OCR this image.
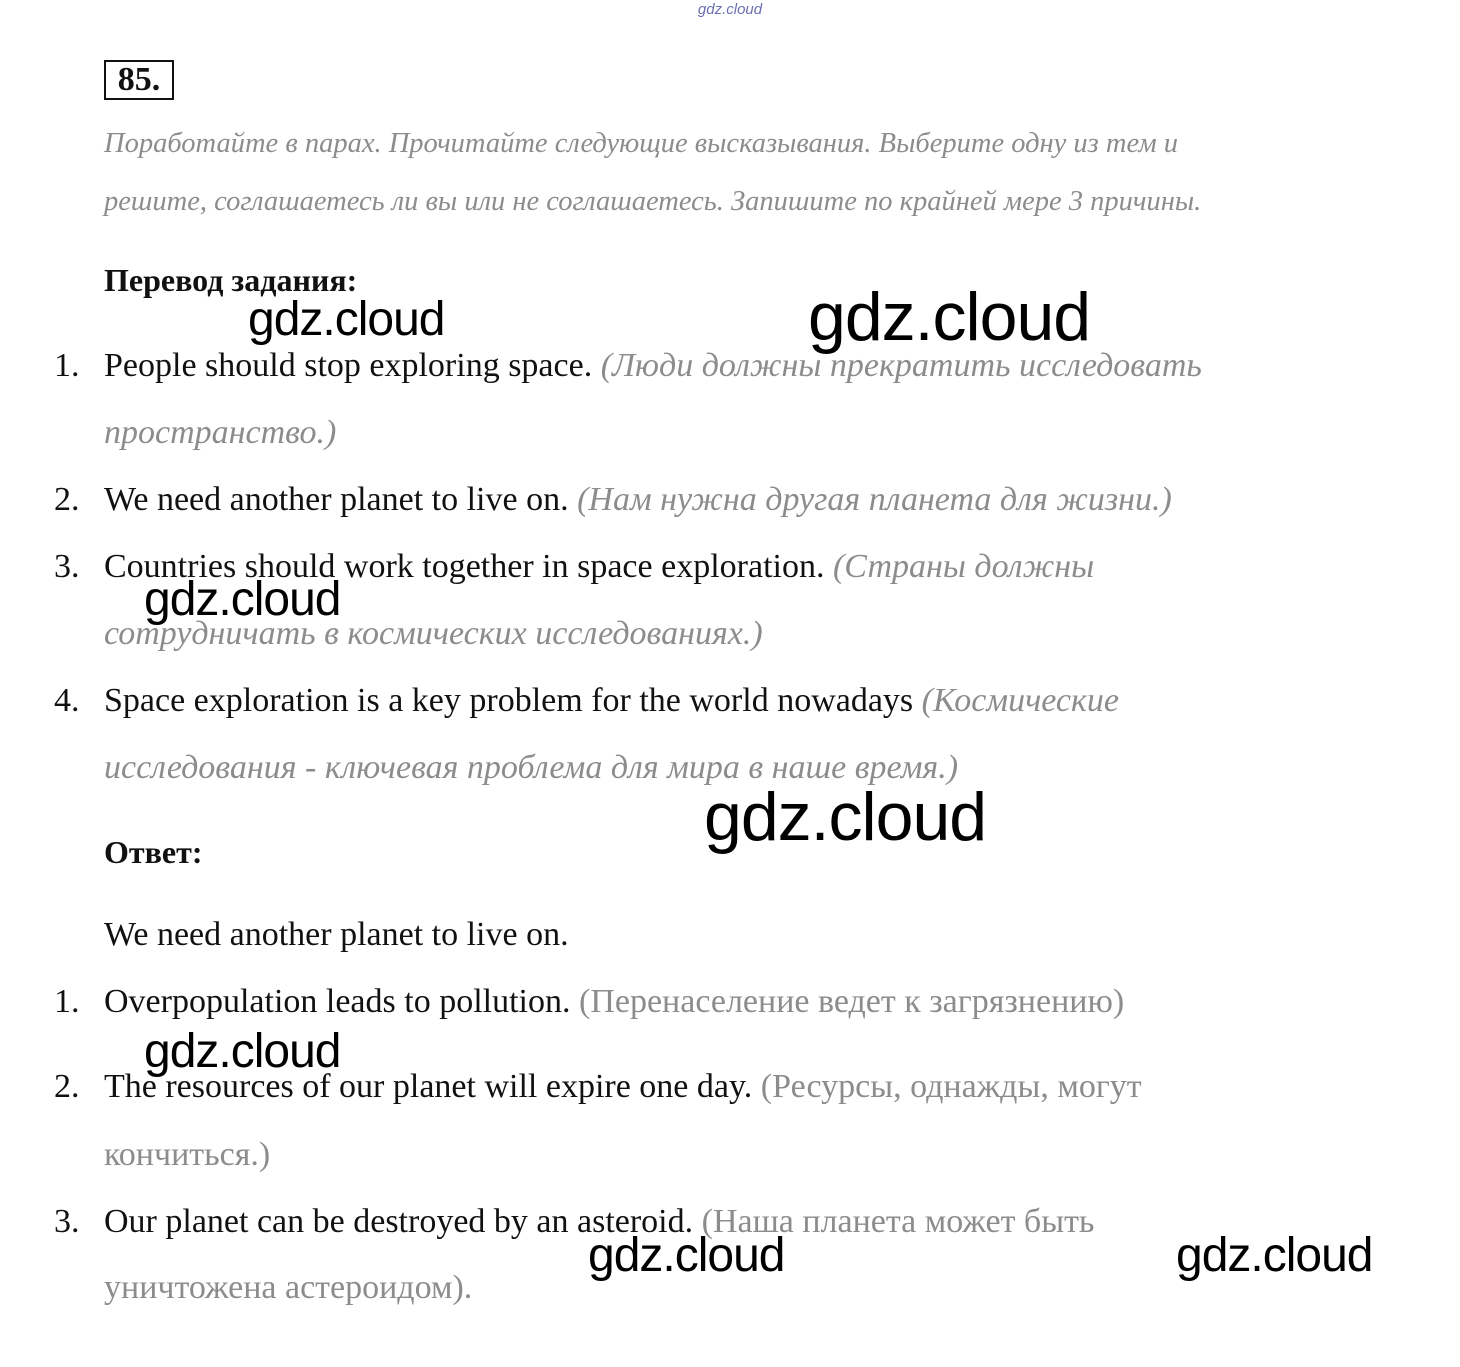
gdz.cloud
85.
Поработайте в парах. Прочитайте следующие высказывания. Выберите одну из тем и
решите, соглашаетесь ли вы или не соглашаетесь. Запишите по крайней мере 3 причины.
Перевод задания:
1. People should stop exploring space. (Люди должны прекратить исследовать
пространство.)
2. We need another planet to live on. (Нам нужна другая планета для жизни.)
3. Countries should work together in space exploration. (Страны должны
сотрудничать в космических исследованиях.)
4. Space exploration is a key problem for the world nowadays (Космические
исследования - ключевая проблема для мира в наше время.)
Ответ:
We need another planet to live on.
1. Overpopulation leads to pollution. (Перенаселение ведет к загрязнению)
2. The resources of our planet will expire one day. (Ресурсы, однажды, могут
кончиться.)
3. Our planet can be destroyed by an asteroid. (Наша планета может быть
уничтожена астероидом).
gdz.cloud	gdz.cloud
gdz.cloud
gdz.cloud
gdz.cloud
gdz.cloud	gdz.cloud
